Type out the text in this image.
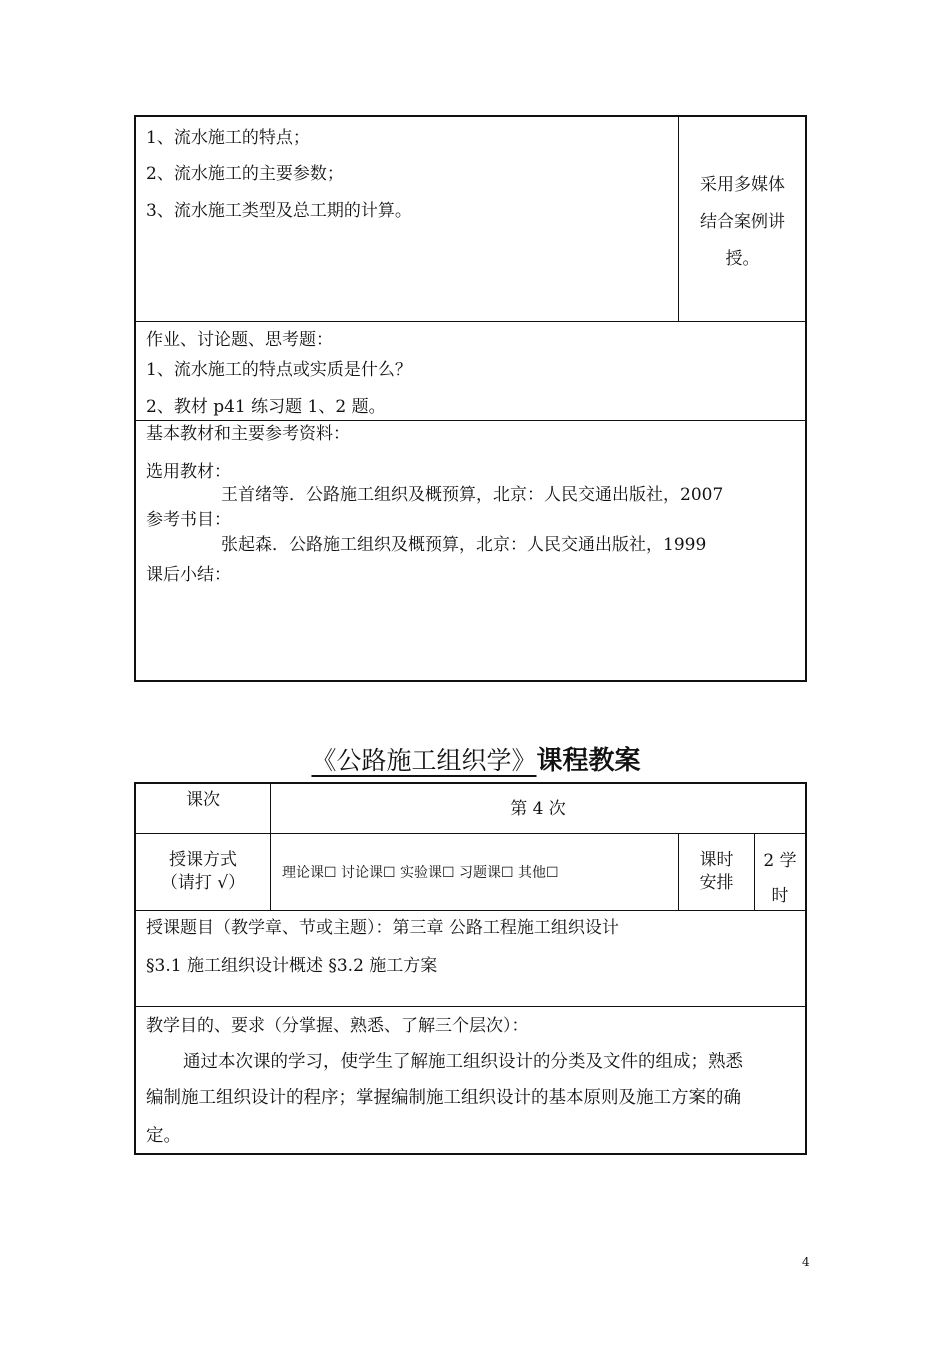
1、流水施工的特点；
2、流水施工的主要参数；
3、流水施工类型及总工期的计算。
采用多媒体
结合案例讲
授。
作业、讨论题、思考题：
1、流水施工的特点或实质是什么？
2、教材 p41 练习题 1、2 题。
基本教材和主要参考资料：
选用教材：
王首绪等．公路施工组织及概预算，北京：人民交通出版社，2007
参考书目：
张起森．公路施工组织及概预算，北京：人民交通出版社，1999
课后小结：
《公路施工组织学》课程教案
课次	第 4 次
授课方式
（请打 √）	理论课☐ 讨论课☐ 实验课☐ 习题课☐ 其他☐
课时
安排
2 学
时
授课题目（教学章、节或主题）：第三章 公路工程施工组织设计
§3.1 施工组织设计概述 §3.2 施工方案
教学目的、要求（分掌握、熟悉、了解三个层次）：
通过本次课的学习，使学生了解施工组织设计的分类及文件的组成；熟悉
编制施工组织设计的程序；掌握编制施工组织设计的基本原则及施工方案的确
定。
4
